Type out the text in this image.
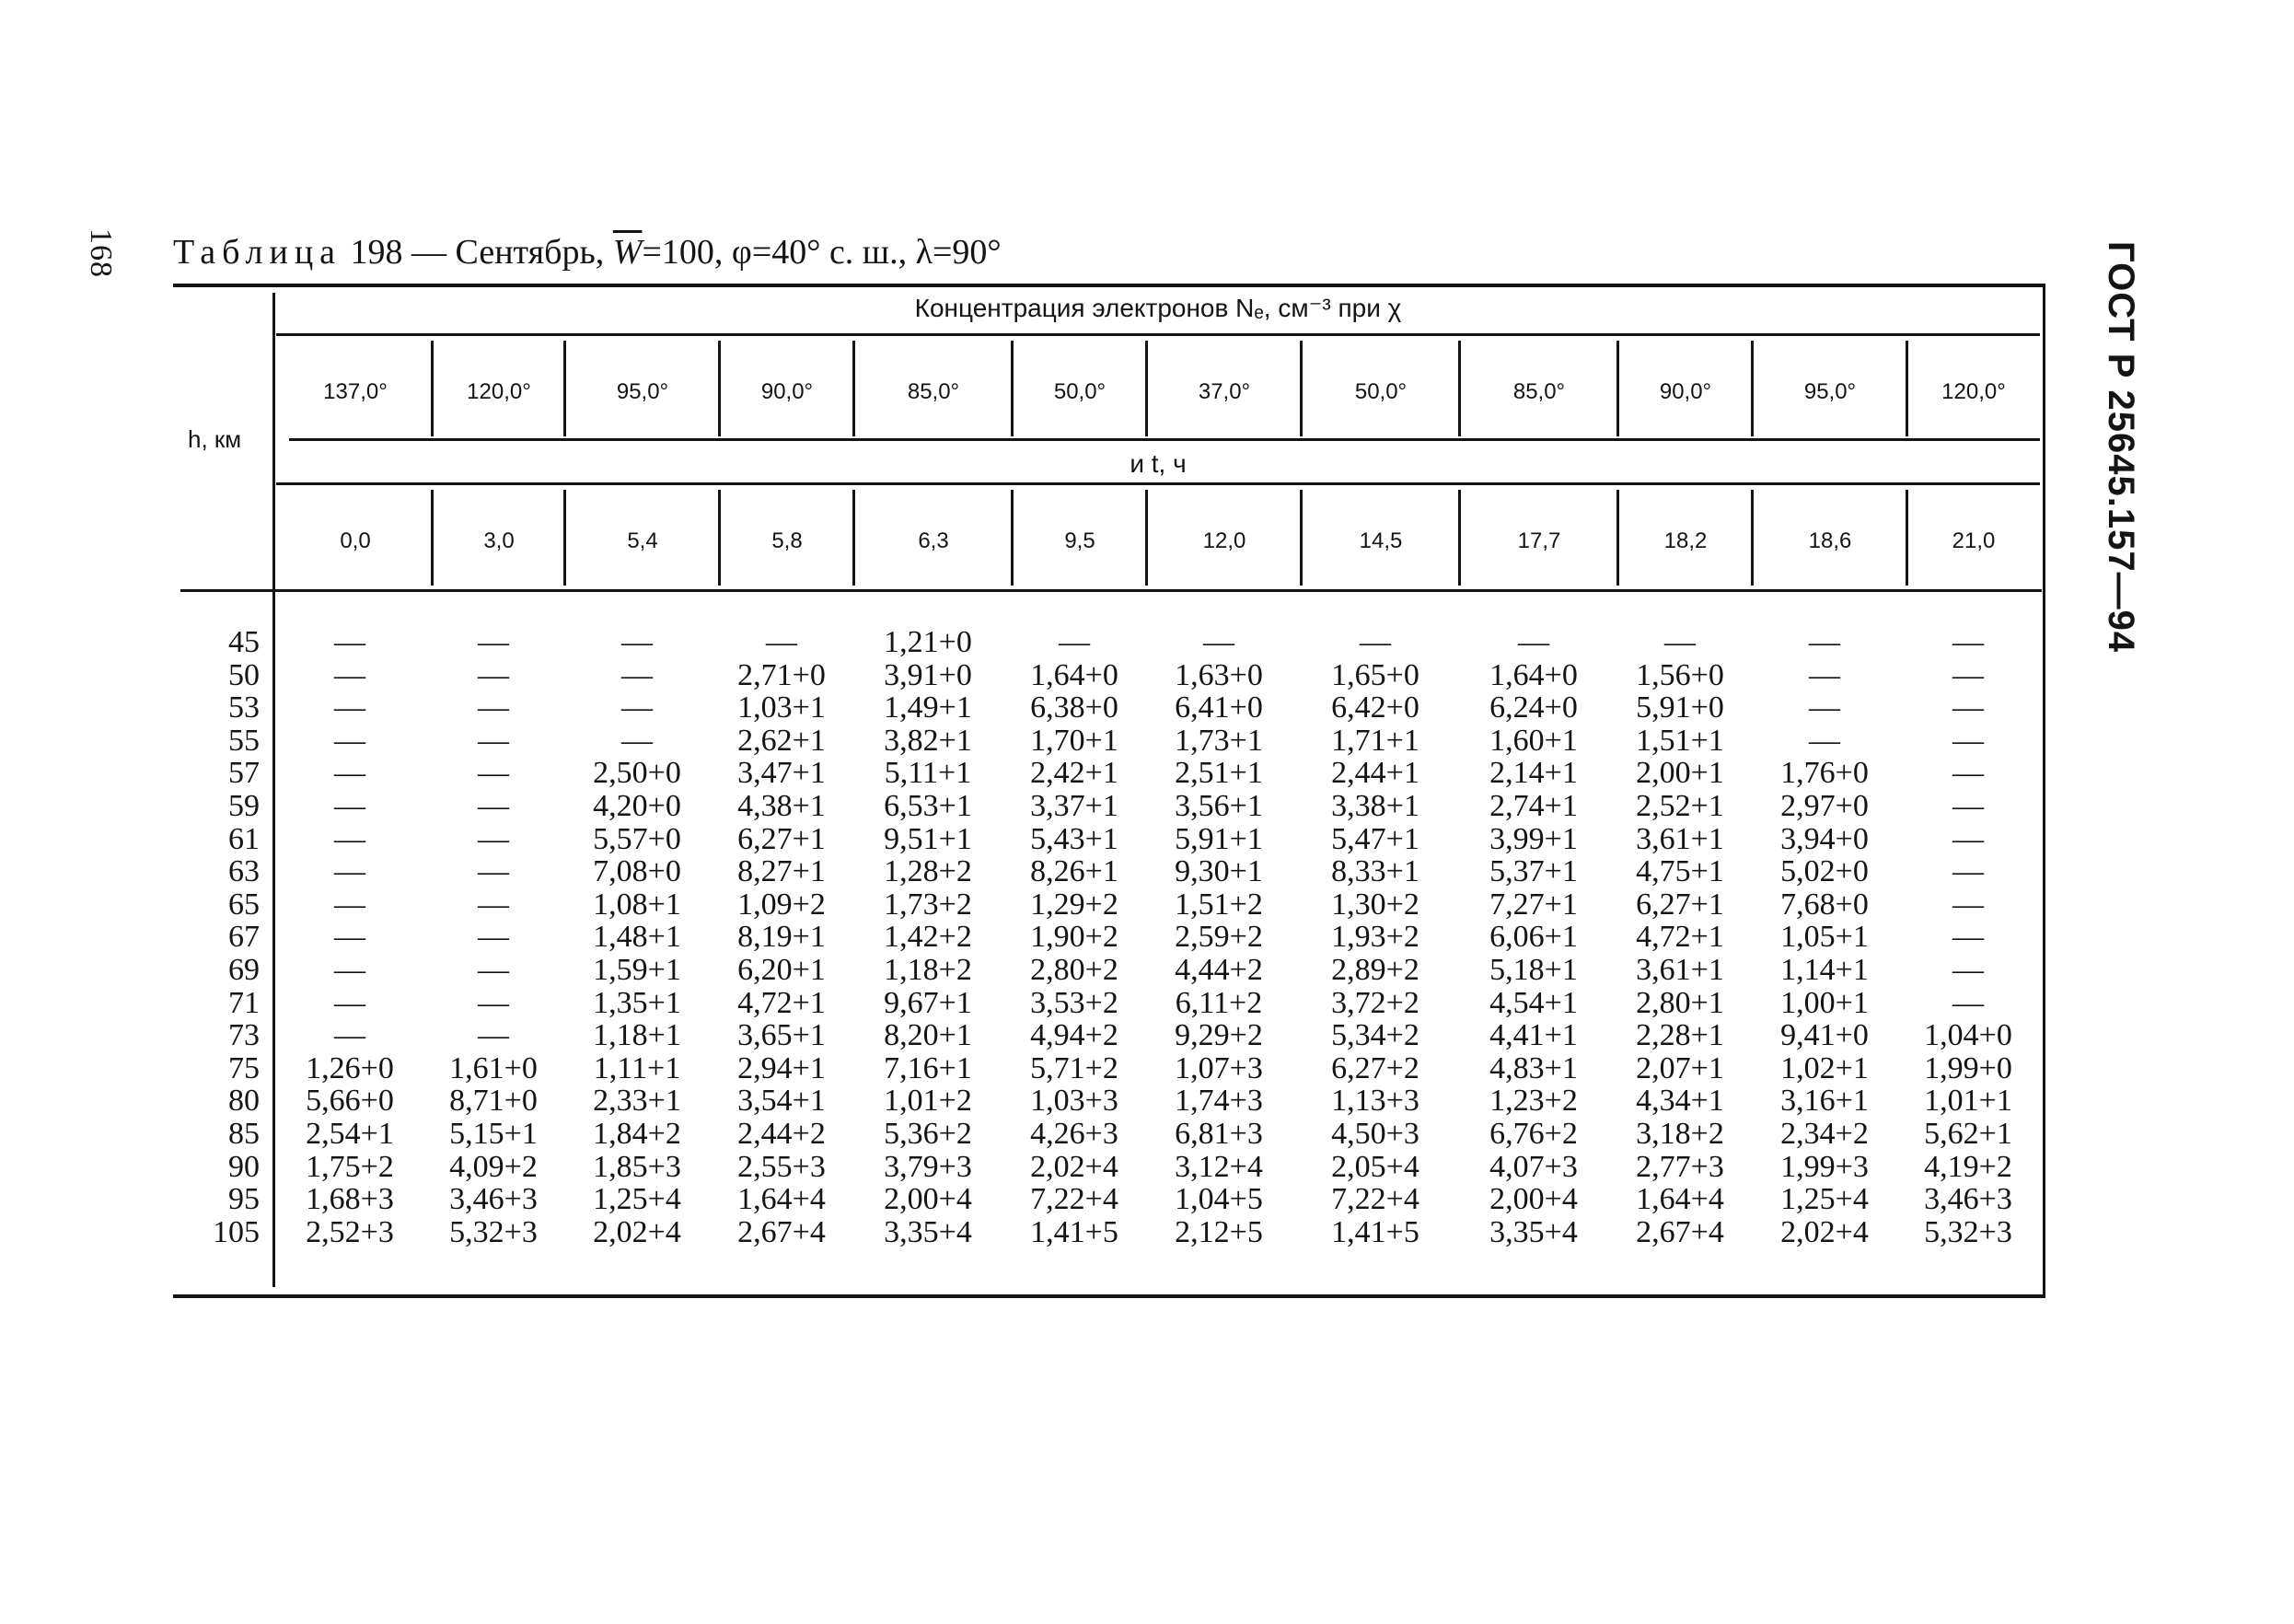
168	ГОСТ Р 25645.157—94
Таблица 198 — Сентябрь, $\overline{W}=100$, φ=40° с. ш., λ=90°
Концентрация электронов Nₑ, см⁻³ при χ
h, км
и t, ч
137,0°	120,0°	95,0°	90,0°	85,0°	50,0°	37,0°	50,0°	85,0°	90,0°	95,0°	120,0°
0,0	3,0	5,4	5,8	6,3	9,5	12,0	14,5	17,7	18,2	18,6	21,0
45	—	—	—	—	1,21+0	—	—	—	—	—	—	—
50	—	—	—	2,71+0	3,91+0	1,64+0	1,63+0	1,65+0	1,64+0	1,56+0	—	—
53	—	—	—	1,03+1	1,49+1	6,38+0	6,41+0	6,42+0	6,24+0	5,91+0	—	—
55	—	—	—	2,62+1	3,82+1	1,70+1	1,73+1	1,71+1	1,60+1	1,51+1	—	—
57	—	—	2,50+0	3,47+1	5,11+1	2,42+1	2,51+1	2,44+1	2,14+1	2,00+1	1,76+0	—
59	—	—	4,20+0	4,38+1	6,53+1	3,37+1	3,56+1	3,38+1	2,74+1	2,52+1	2,97+0	—
61	—	—	5,57+0	6,27+1	9,51+1	5,43+1	5,91+1	5,47+1	3,99+1	3,61+1	3,94+0	—
63	—	—	7,08+0	8,27+1	1,28+2	8,26+1	9,30+1	8,33+1	5,37+1	4,75+1	5,02+0	—
65	—	—	1,08+1	1,09+2	1,73+2	1,29+2	1,51+2	1,30+2	7,27+1	6,27+1	7,68+0	—
67	—	—	1,48+1	8,19+1	1,42+2	1,90+2	2,59+2	1,93+2	6,06+1	4,72+1	1,05+1	—
69	—	—	1,59+1	6,20+1	1,18+2	2,80+2	4,44+2	2,89+2	5,18+1	3,61+1	1,14+1	—
71	—	—	1,35+1	4,72+1	9,67+1	3,53+2	6,11+2	3,72+2	4,54+1	2,80+1	1,00+1	—
73	—	—	1,18+1	3,65+1	8,20+1	4,94+2	9,29+2	5,34+2	4,41+1	2,28+1	9,41+0	1,04+0
75	1,26+0	1,61+0	1,11+1	2,94+1	7,16+1	5,71+2	1,07+3	6,27+2	4,83+1	2,07+1	1,02+1	1,99+0
80	5,66+0	8,71+0	2,33+1	3,54+1	1,01+2	1,03+3	1,74+3	1,13+3	1,23+2	4,34+1	3,16+1	1,01+1
85	2,54+1	5,15+1	1,84+2	2,44+2	5,36+2	4,26+3	6,81+3	4,50+3	6,76+2	3,18+2	2,34+2	5,62+1
90	1,75+2	4,09+2	1,85+3	2,55+3	3,79+3	2,02+4	3,12+4	2,05+4	4,07+3	2,77+3	1,99+3	4,19+2
95	1,68+3	3,46+3	1,25+4	1,64+4	2,00+4	7,22+4	1,04+5	7,22+4	2,00+4	1,64+4	1,25+4	3,46+3
105	2,52+3	5,32+3	2,02+4	2,67+4	3,35+4	1,41+5	2,12+5	1,41+5	3,35+4	2,67+4	2,02+4	5,32+3
